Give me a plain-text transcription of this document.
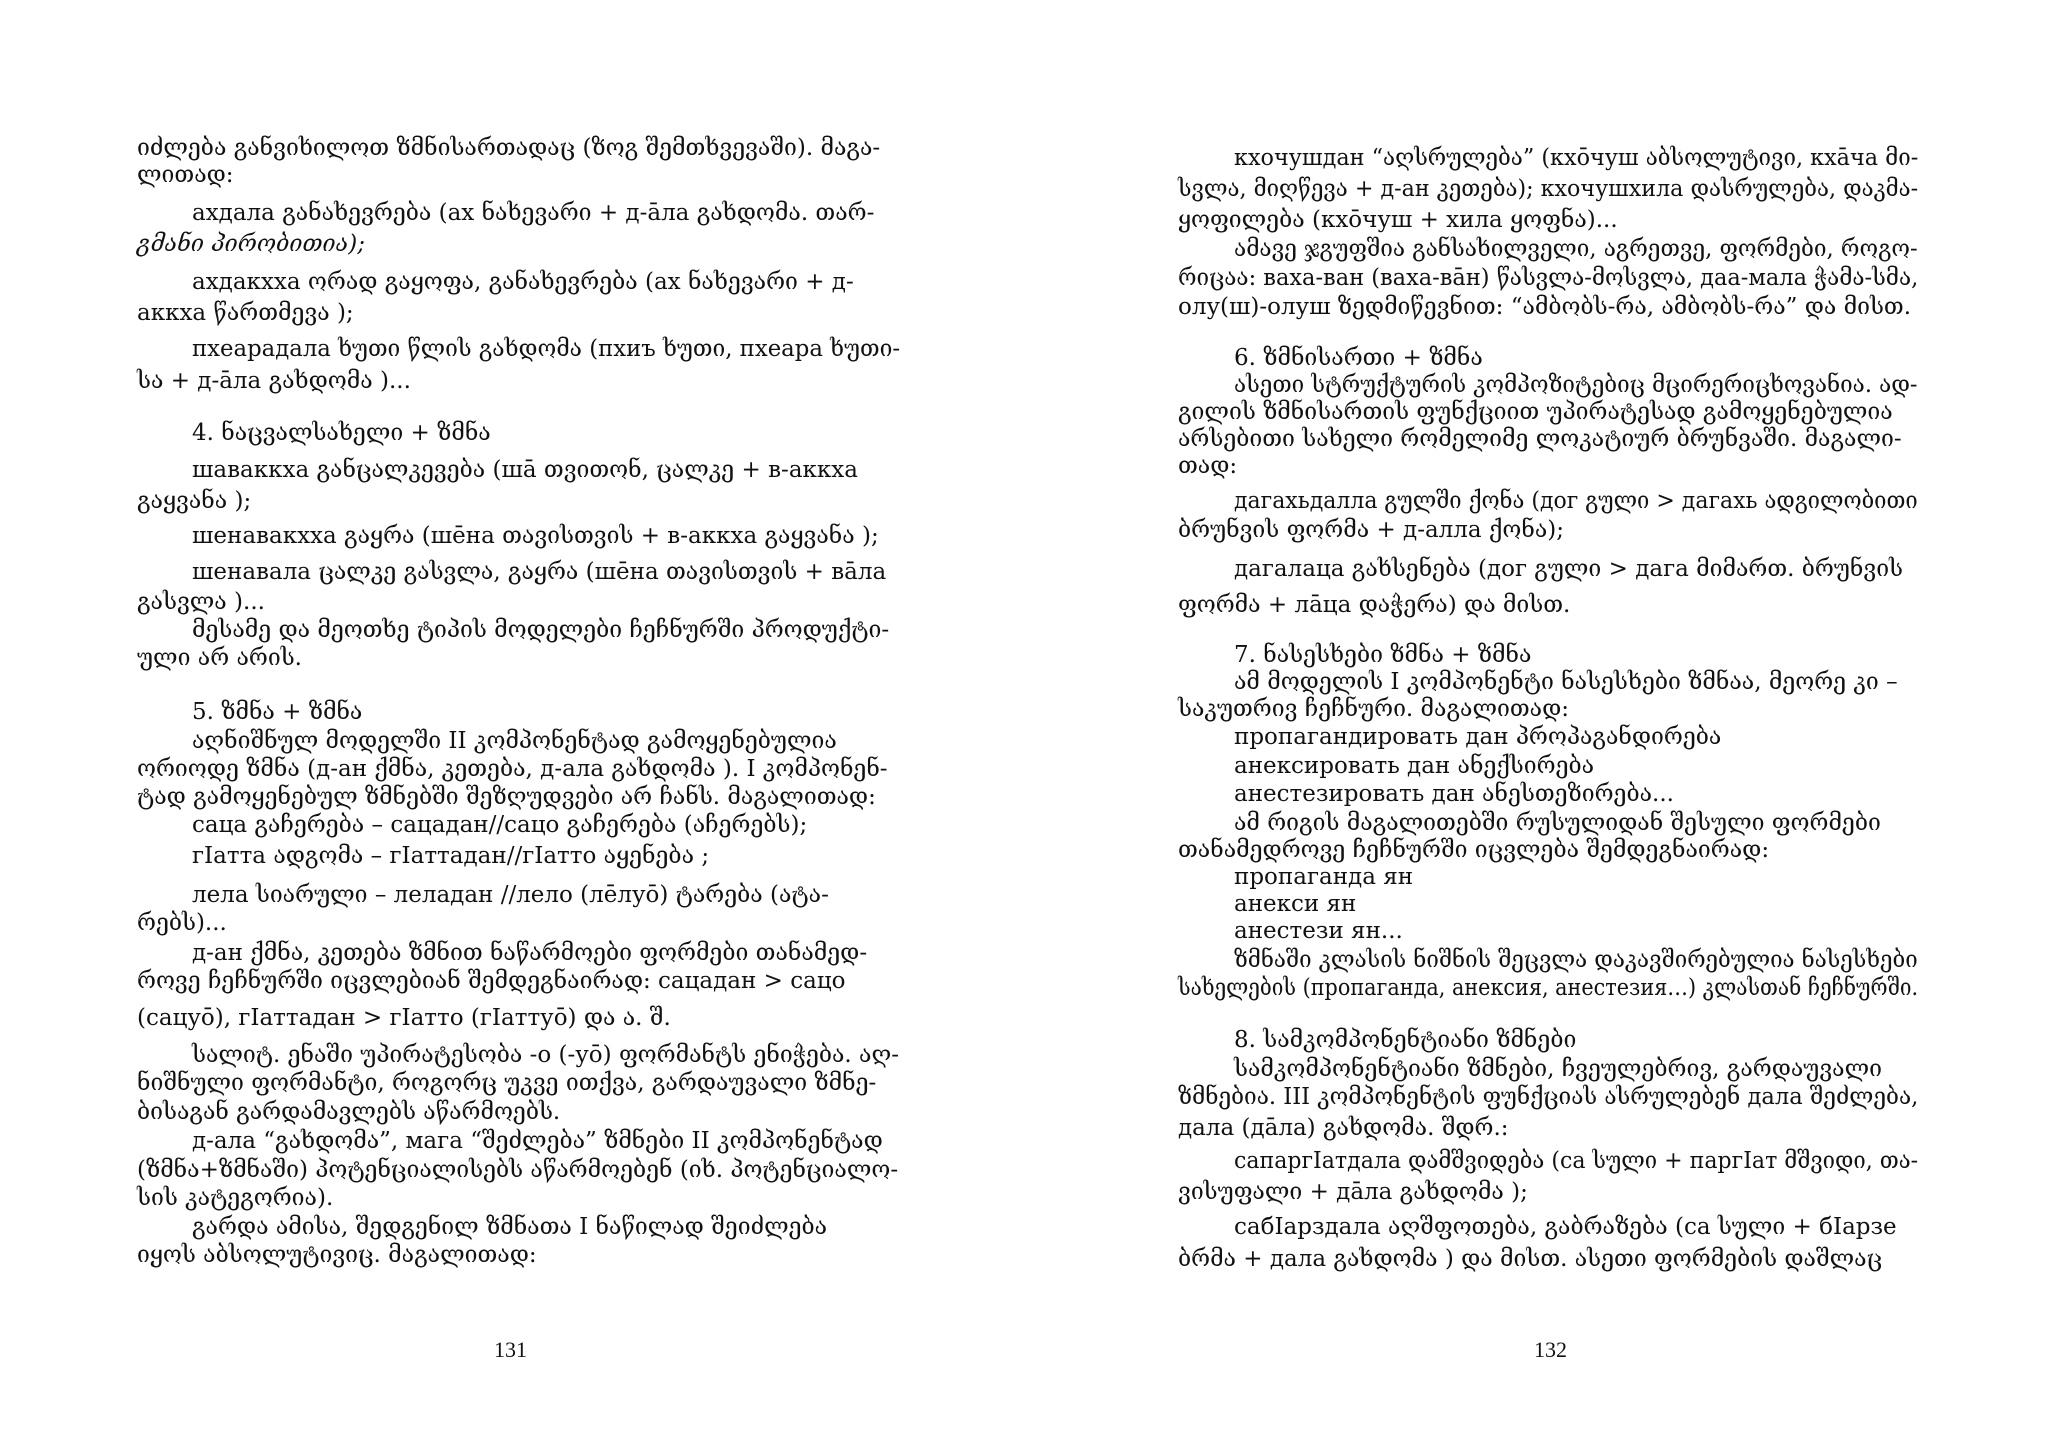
იძლება განვიხილოთ ზმნისართადაც (ზოგ შემთხვევაში). მაგა-
ლითად:
ахдала განახევრება (ах ნახევარი + д-āла გახდომა. თარ-
გმანი პირობითია);
ахдакхха ორად გაყოფა, განახევრება (ах ნახევარი + д-
аккха წართმევა );
пхеарадала ხუთი წლის გახდომა (пхиъ ხუთი, пхеара ხუთი-
სა + д-āла გახდომა )...
4. ნაცვალსახელი + ზმნა
шаваккха განცალკევება (шā თვითონ, ცალკე + в-аккха
გაყვანა );
шенавакхха გაყრა (шēна თავისთვის + в-аккха გაყვანა );
шенавала ცალკე გასვლა, გაყრა (шēна თავისთვის + вāла
გასვლა )...
მესამე და მეოთხე ტიპის მოდელები ჩეჩნურში პროდუქტი-
ული არ არის.
5. ზმნა + ზმნა
აღნიშნულ მოდელში II კომპონენტად გამოყენებულია
ორიოდე ზმნა (д-ан ქმნა, კეთება, д-ала გახდომა ). I კომპონენ-
ტად გამოყენებულ ზმნებში შეზღუდვები არ ჩანს. მაგალითად:
саца გაჩერება – сацадан//сацо გაჩერება (აჩერებს);
гIатта ადგომა – гIаттадан//гIатто აყენება ;
лела სიარული – леладан //лело (лēлуō) ტარება (ატა-
რებს)...
д-ан ქმნა, კეთება ზმნით ნაწარმოები ფორმები თანამედ-
როვე ჩეჩნურში იცვლებიან შემდეგნაირად: сацадан > сацо
(сацуō), гIаттадан > гIатто (гIаттуō) და ა. შ.
სალიტ. ენაში უპირატესობა -о (-уō) ფორმანტს ენიჭება. აღ-
ნიშნული ფორმანტი, როგორც უკვე ითქვა, გარდაუვალი ზმნე-
ბისაგან გარდამავლებს აწარმოებს.
д-ала “გახდომა”, мага “შეძლება” ზმნები II კომპონენტად
(ზმნა+ზმნაში) პოტენციალისებს აწარმოებენ (იხ. პოტენციალო-
სის კატეგორია).
გარდა ამისა, შედგენილ ზმნათა I ნაწილად შეიძლება
იყოს აბსოლუტივიც. მაგალითად:
131
кхочушдан “აღსრულება” (кхōчуш აბსოლუტივი, кхāча მი-
სვლა, მიღწევა + д-ан კეთება); кхочушхила დასრულება, დაკმა-
ყოფილება (кхōчуш + хила ყოფნა)...
ამავე ჯგუფშია განსახილველი, აგრეთვე, ფორმები, როგო-
რიცაა: ваха-ван (ваха-вāн) წასვლა-მოსვლა, даа-мала ჭამა-სმა,
олу(ш)-олуш ზედმიწევნით: “ამბობს-რა, ამბობს-რა” და მისთ.
6. ზმნისართი + ზმნა
ასეთი სტრუქტურის კომპოზიტებიც მცირერიცხოვანია. ად-
გილის ზმნისართის ფუნქციით უპირატესად გამოყენებულია
არსებითი სახელი რომელიმე ლოკატიურ ბრუნვაში. მაგალი-
თად:
дагахьдалла გულში ქონა (дог გული > дагахь ადგილობითი
ბრუნვის ფორმა + д-алла ქონა);
дагалаца გახსენება (дог გული > дага მიმართ. ბრუნვის
ფორმა + лāца დაჭერა) და მისთ.
7. ნასესხები ზმნა + ზმნა
ამ მოდელის I კომპონენტი ნასესხები ზმნაა, მეორე კი –
საკუთრივ ჩეჩნური. მაგალითად:
пропагандировать дан პროპაგანდირება
анексировать дан ანექსირება
анестезировать дан ანესთეზირება...
ამ რიგის მაგალითებში რუსულიდან შესული ფორმები
თანამედროვე ჩეჩნურში იცვლება შემდეგნაირად:
пропаганда ян
анекси ян
анестези ян...
ზმნაში კლასის ნიშნის შეცვლა დაკავშირებულია ნასესხები
სახელების (пропаганда, анексия, анестезия…) კლასთან ჩეჩნურში.
8. სამკომპონენტიანი ზმნები
სამკომპონენტიანი ზმნები, ჩვეულებრივ, გარდაუვალი
ზმნებია. III კომპონენტის ფუნქციას ასრულებენ дала შეძლება,
дала (дāла) გახდომა. შდრ.:
сапаргIатдала დამშვიდება (са სული + паргIат მშვიდი, თა-
ვისუფალი + дāла გახდომა );
сабIарздала აღშფოთება, გაბრაზება (са სული + бIарзе
ბრმა + дала გახდომა ) და მისთ. ასეთი ფორმების დაშლაც
132
